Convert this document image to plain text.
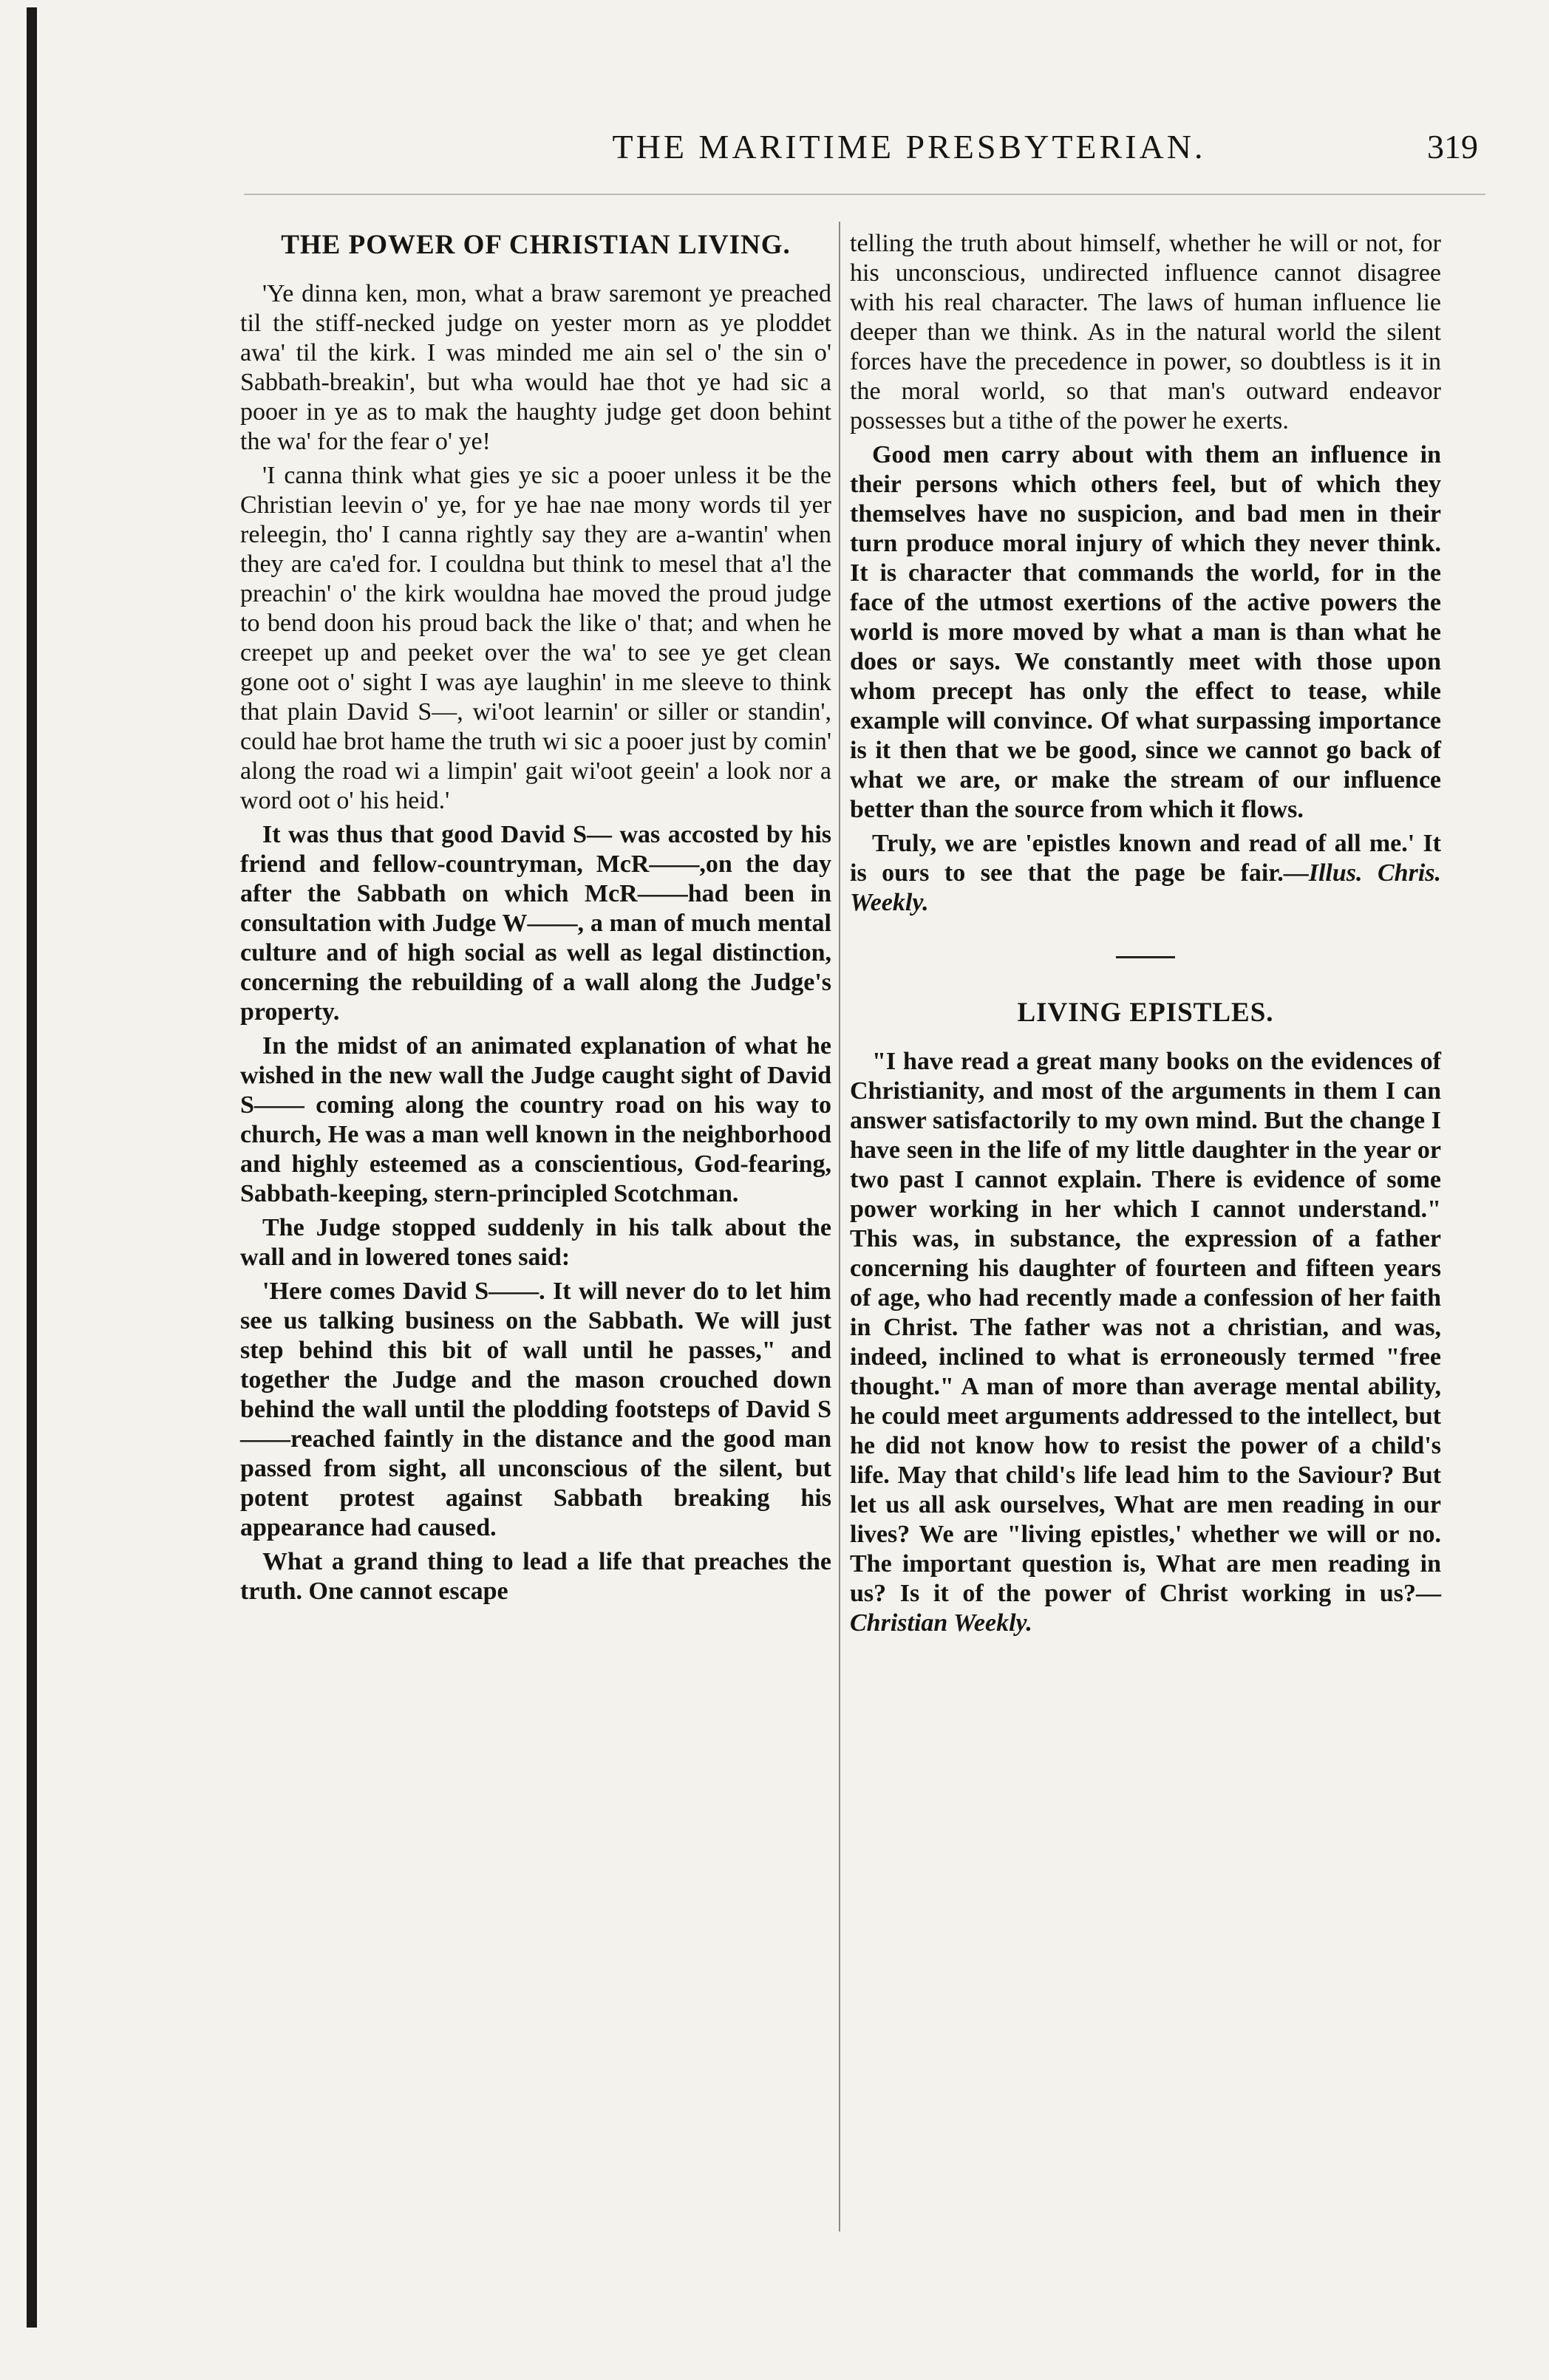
THE MARITIME PRESBYTERIAN.	319
THE POWER OF CHRISTIAN LIVING.

'Ye dinna ken, mon, what a braw saremont ye preached til the stiff-necked judge on yester morn as ye ploddet awa' til the kirk. I was minded me ain sel o' the sin o' Sabbath-breakin', but wha would hae thot ye had sic a pooer in ye as to mak the haughty judge get doon behint the wa' for the fear o' ye!

'I canna think what gies ye sic a pooer unless it be the Christian leevin o' ye, for ye hae nae mony words til yer releegin, tho' I canna rightly say they are a-wantin' when they are ca'ed for. I couldna but think to mesel that a'l the preachin' o' the kirk wouldna hae moved the proud judge to bend doon his proud back the like o' that; and when he creepet up and peeket over the wa' to see ye get clean gone oot o' sight I was aye laughin' in me sleeve to think that plain David S—, wi'oot learnin' or siller or standin', could hae brot hame the truth wi sic a pooer just by comin' along the road wi a limpin' gait wi'oot geein' a look nor a word oot o' his heid.'

It was thus that good David S— was accosted by his friend and fellow-countryman, McR——,on the day after the Sabbath on which McR——had been in consultation with Judge W——, a man of much mental culture and of high social as well as legal distinction, concerning the rebuilding of a wall along the Judge's property.

In the midst of an animated explanation of what he wished in the new wall the Judge caught sight of David S—— coming along the country road on his way to church, He was a man well known in the neighborhood and highly esteemed as a conscientious, God-fearing, Sabbath-keeping, stern-principled Scotchman.

The Judge stopped suddenly in his talk about the wall and in lowered tones said:

'Here comes David S——. It will never do to let him see us talking business on the Sabbath. We will just step behind this bit of wall until he passes," and together the Judge and the mason crouched down behind the wall until the plodding footsteps of David S——reached faintly in the distance and the good man passed from sight, all unconscious of the silent, but potent protest against Sabbath breaking his appearance had caused.

What a grand thing to lead a life that preaches the truth. One cannot escape

telling the truth about himself, whether he will or not, for his unconscious, undirected influence cannot disagree with his real character. The laws of human influence lie deeper than we think. As in the natural world the silent forces have the precedence in power, so doubtless is it in the moral world, so that man's outward endeavor possesses but a tithe of the power he exerts.

Good men carry about with them an influence in their persons which others feel, but of which they themselves have no suspicion, and bad men in their turn produce moral injury of which they never think. It is character that commands the world, for in the face of the utmost exertions of the active powers the world is more moved by what a man is than what he does or says. We constantly meet with those upon whom precept has only the effect to tease, while example will convince. Of what surpassing importance is it then that we be good, since we cannot go back of what we are, or make the stream of our influence better than the source from which it flows.

Truly, we are 'epistles known and read of all me.' It is ours to see that the page be fair.—Illus. Chris. Weekly.

LIVING EPISTLES.

"I have read a great many books on the evidences of Christianity, and most of the arguments in them I can answer satisfactorily to my own mind. But the change I have seen in the life of my little daughter in the year or two past I cannot explain. There is evidence of some power working in her which I cannot understand." This was, in substance, the expression of a father concerning his daughter of fourteen and fifteen years of age, who had recently made a confession of her faith in Christ. The father was not a christian, and was, indeed, inclined to what is erroneously termed "free thought." A man of more than average mental ability, he could meet arguments addressed to the intellect, but he did not know how to resist the power of a child's life. May that child's life lead him to the Saviour? But let us all ask ourselves, What are men reading in our lives? We are "living epistles,' whether we will or no. The important question is, What are men reading in us? Is it of the power of Christ working in us?—Christian Weekly.
